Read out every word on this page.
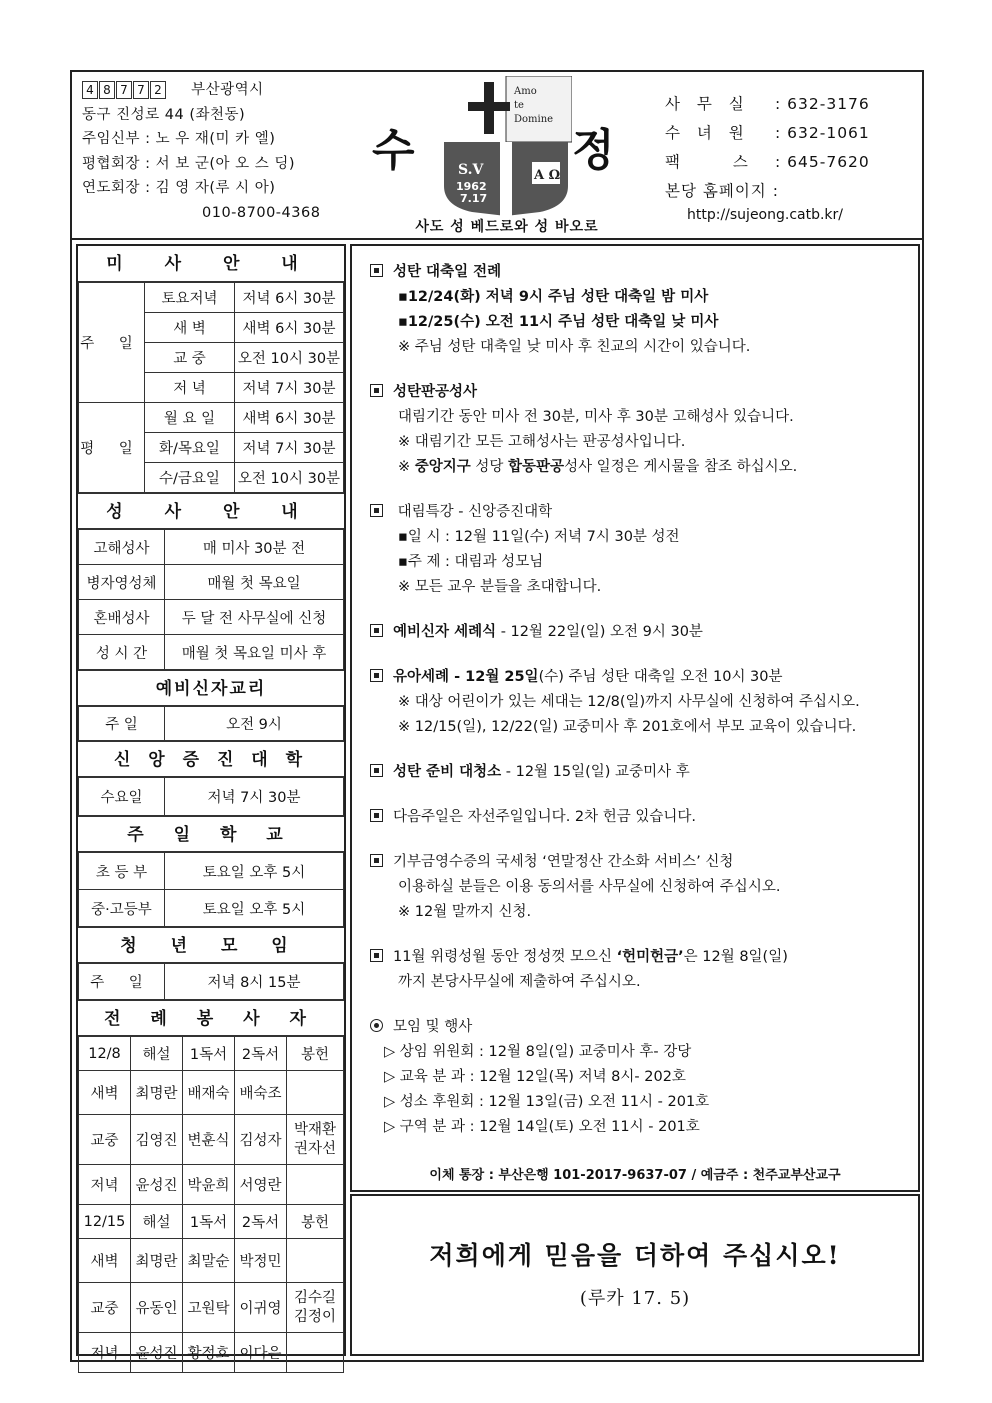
4 8 7 7 2 부산광역시
동구 진성로 44 (좌천동)
주임신부 : 노 우 재(미 카 엘)
평협회장 : 서 보 군(아 오 스 딩)
연도회장 : 김 영 자(루 시 아)
010-8700-4368
수
Amo
te
Domine
S.V
1962
7.17
A Ω 정
사도 성 베드로와 성 바오로
사 무 실 : 632-3176
수 녀 원 : 632-1061
팩 스 : 645-7620
본당 홈페이지 :
http://sujeong.catb.kr/
미 사 안 내
주 일	토요저녁	저녁 6시 30분
	새 벽	새벽 6시 30분
	교 중	오전 10시 30분
	저 녁	저녁 7시 30분
평 일	월 요 일	새벽 6시 30분
	화/목요일	저녁 7시 30분
	수/금요일	오전 10시 30분
성 사 안 내
고해성사	매 미사 30분 전
병자영성체	매월 첫 목요일
혼배성사	두 달 전 사무실에 신청
성 시 간	매월 첫 목요일 미사 후
예비신자교리
주 일	오전 9시
신 앙 증 진 대 학
수요일	저녁 7시 30분
주 일 학 교
초 등 부	토요일 오후 5시
중·고등부	토요일 오후 5시
청 년 모 임
주 일	저녁 8시 15분
전 례 봉 사 자
12/8	해설	1독서	2독서	봉헌
새벽	최명란	배재숙	배숙조	
교중	김영진	변훈식	김성자	박재환
권자선

저녁	윤성진	박윤희	서영란	
12/15	해설	1독서	2독서	봉헌
새벽	최명란	최말순	박정민	
교중	유동인	고원탁	이귀영	김수길
김정이

저녁	윤성진	황정호	이다은	
성탄 대축일 전례
▪12/24(화) 저녁 9시 주님 성탄 대축일 밤 미사
▪12/25(수) 오전 11시 주님 성탄 대축일 낮 미사
※ 주님 성탄 대축일 낮 미사 후 친교의 시간이 있습니다.
성탄판공성사
대림기간 동안 미사 전 30분, 미사 후 30분 고해성사 있습니다.
※ 대림기간 모든 고해성사는 판공성사입니다.
※ 중앙지구 성당 합동판공성사 일정은 게시물을 참조 하십시오.
대림특강 - 신앙증진대학
▪일 시 : 12월 11일(수) 저녁 7시 30분 성전
▪주 제 : 대림과 성모님
※ 모든 교우 분들을 초대합니다.
예비신자 세례식 - 12월 22일(일) 오전 9시 30분
유아세례 - 12월 25일(수) 주님 성탄 대축일 오전 10시 30분
※ 대상 어린이가 있는 세대는 12/8(일)까지 사무실에 신청하여 주십시오.
※ 12/15(일), 12/22(일) 교중미사 후 201호에서 부모 교육이 있습니다.
성탄 준비 대청소 - 12월 15일(일) 교중미사 후
다음주일은 자선주일입니다. 2차 헌금 있습니다.
기부금영수증의 국세청 ‘연말정산 간소화 서비스’ 신청
이용하실 분들은 이용 동의서를 사무실에 신청하여 주십시오.
※ 12월 말까지 신청.
11월 위령성월 동안 정성껏 모으신 ‘헌미헌금’은 12월 8일(일)
까지 본당사무실에 제출하여 주십시오.
모임 및 행사
▷ 상임 위원회 : 12월 8일(일) 교중미사 후- 강당
▷ 교육 분 과 : 12월 12일(목) 저녁 8시- 202호
▷ 성소 후원회 : 12월 13일(금) 오전 11시 - 201호
▷ 구역 분 과 : 12월 14일(토) 오전 11시 - 201호
이체 통장 : 부산은행 101-2017-9637-07 / 예금주 : 천주교부산교구
저희에게 믿음을 더하여 주십시오!
(루카 17. 5)
